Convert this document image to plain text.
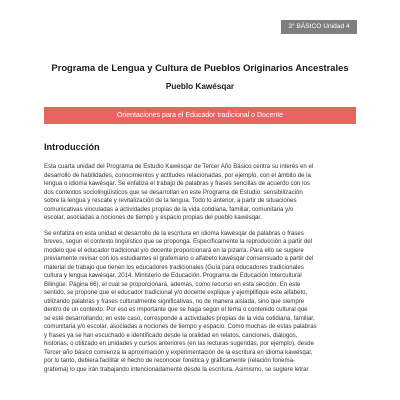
3° BÁSICO Unidad 4
Programa de Lengua y Cultura de Pueblos Originarios Ancestrales
Pueblo Kawésqar
Orientaciones para el Educador tradicional o Docente
Introducción
Esta cuarta unidad del Programa de Estudio Kawésqar de Tercer Año Básico centra su interés en el
desarrollo de habilidades, conocimientos y actitudes relacionadas, por ejemplo, con el ámbito de la
lengua o idioma kawésqar. Se enfatiza el trabajo de palabras y frases sencillas de acuerdo con los
dos contextos sociolingüísticos que se desarrollan en este Programa de Estudio: sensibilización
sobre la lengua y rescate y revitalización de la lengua. Todo lo anterior, a partir de situaciones
comunicativas vinculadas a actividades propias de la vida cotidiana, familiar, comunitaria y/o
escolar, asociadas a nociones de tiempo y espacio propias del pueblo kawésqar.
Se enfatiza en esta unidad el desarrollo de la escritura en idioma kawésqar de palabras o frases
breves, según el contexto lingüístico que se proponga. Específicamente la reproducción a partir del
modelo que el educador tradicional y/o docente proporcionará en la pizarra. Para ello se sugiere
previamente revisar con los estudiantes el grafemario o alfabeto kawésqar consensuado a partir del
material de trabajo que tienen los educadores tradicionales (Guía para educadores tradicionales
cultura y lengua kawésqar. 2014. Ministerio de Educación. Programa de Educación Intercultural
Bilingüe. Página 66), el cual se proporcionará, además, como recurso en esta sección. En este
sentido, se propone que el educador tradicional y/o docente explique y ejemplifique este alfabeto,
utilizando palabras y frases culturalmente significativas, no de manera aislada, sino que siempre
dentro de un contexto. Por eso es importante que se haga según el tema o contenido cultural que
se esté desarrollando; en este caso, corresponde a actividades propias de la vida cotidiana, familiar,
comunitaria y/o escolar, asociadas a nociones de tiempo y espacio. Como muchas de estas palabras
y frases ya se han escuchado e identificado desde la oralidad en relatos, canciones, diálogos,
historias, o utilizado en unidades y cursos anteriores (en las lecturas sugeridas, por ejemplo), desde
Tercer año básico comienza la aproximación y experimentación de la escritura en idioma kawésqar,
por lo tanto, debiera facilitar el hecho de reconocer fonética y gráficamente (relación fonema-
grafema) lo que irán trabajando intencionadamente desde la escritura. Asimismo, se sugiere letrar
